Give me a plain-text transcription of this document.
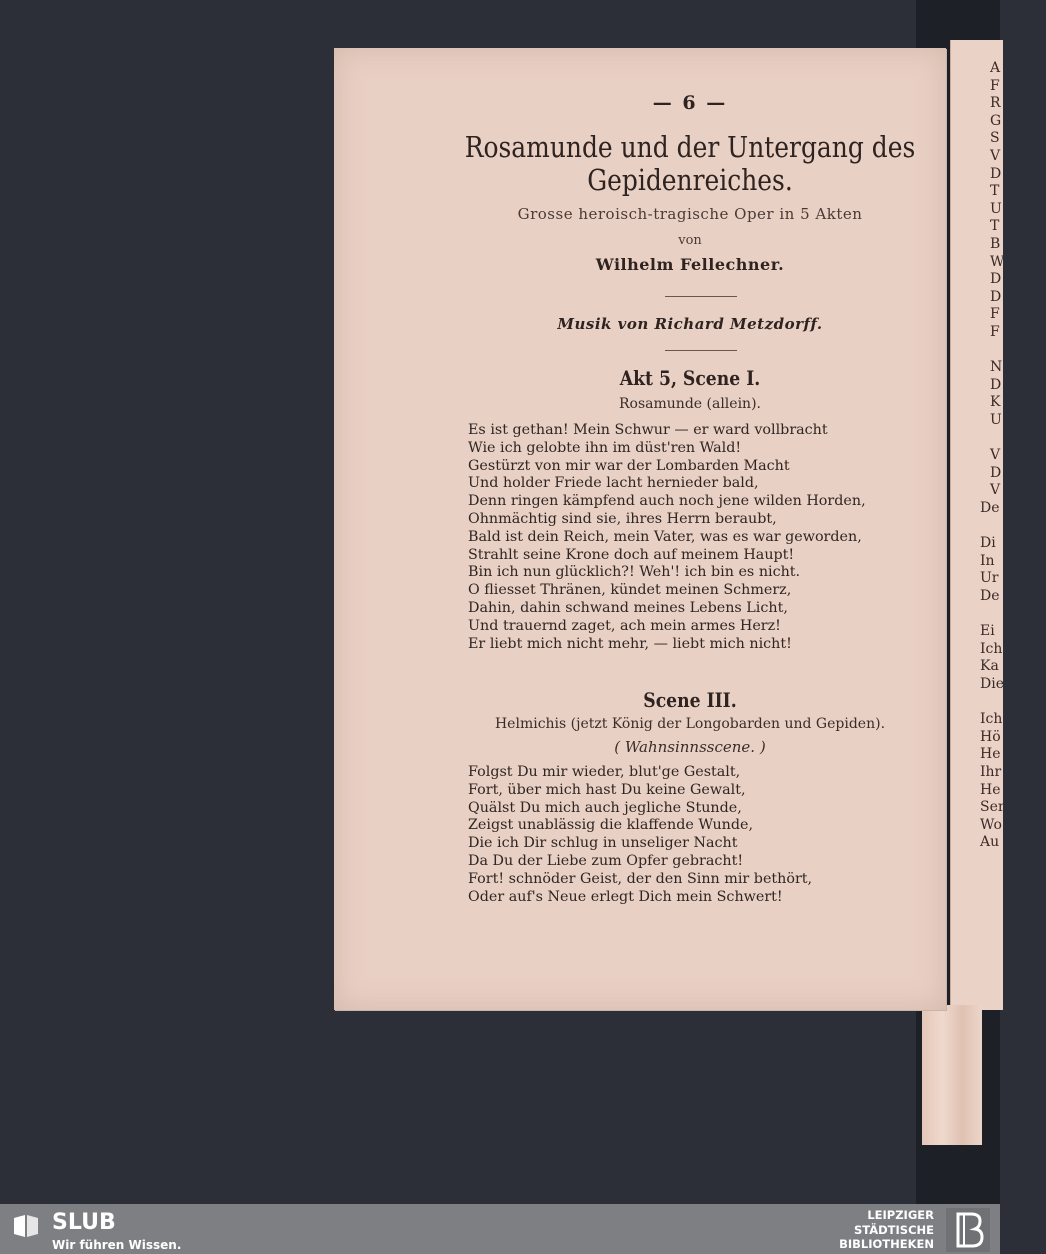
A
F
R
G
S
V
D
T
U
T
B
W
D
D
F
F
N
D
K
U
V
D
V
De
Di
In
Ur
De
Ei
Ich
Ka
Die
Ich
Hö
He
Ihr
He
Ser
Wo
Au
— 6 —
Rosamunde und der Untergang des
Gepidenreiches.
Grosse heroisch-tragische Oper in 5 Akten
von
Wilhelm Fellechner.
Musik von Richard Metzdorff.
Akt 5, Scene I.
Rosamunde (allein).
Es ist gethan! Mein Schwur — er ward vollbracht
Wie ich gelobte ihn im düst'ren Wald!
Gestürzt von mir war der Lombarden Macht
Und holder Friede lacht hernieder bald,
Denn ringen kämpfend auch noch jene wilden Horden,
Ohnmächtig sind sie, ihres Herrn beraubt,
Bald ist dein Reich, mein Vater, was es war geworden,
Strahlt seine Krone doch auf meinem Haupt!
Bin ich nun glücklich?! Weh'! ich bin es nicht.
O fliesset Thränen, kündet meinen Schmerz,
Dahin, dahin schwand meines Lebens Licht,
Und trauernd zaget, ach mein armes Herz!
Er liebt mich nicht mehr, — liebt mich nicht!
Scene III.
Helmichis (jetzt König der Longobarden und Gepiden).
( Wahnsinnsscene. )
Folgst Du mir wieder, blut'ge Gestalt,
Fort, über mich hast Du keine Gewalt,
Quälst Du mich auch jegliche Stunde,
Zeigst unablässig die klaffende Wunde,
Die ich Dir schlug in unseliger Nacht
Da Du der Liebe zum Opfer gebracht!
Fort! schnöder Geist, der den Sinn mir bethört,
Oder auf's Neue erlegt Dich mein Schwert!
SLUB
Wir führen Wissen.
LEIPZIGER
STÄDTISCHE
BIBLIOTHEKEN
